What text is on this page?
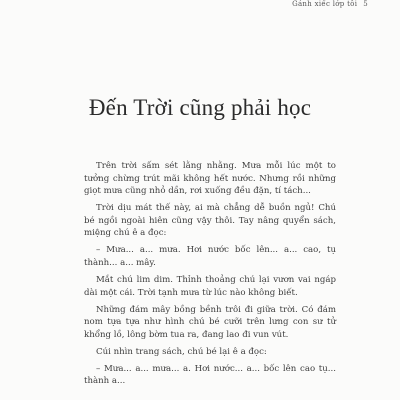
Gánh xiếc lớp tôi 5
Đến Trời cũng phải học

Trên trời sấm sét lằng nhằng. Mưa mỗi lúc một to tưởng chừng trút mãi không hết nước. Nhưng rồi những giọt mưa cũng nhỏ dần, rơi xuống đều đặn, tí tách...

Trời dịu mát thế này, ai mà chẳng dễ buồn ngủ! Chú bé ngồi ngoài hiên cũng vậy thôi. Tay nâng quyển sách, miệng chú ê a đọc:

– Mưa... a... mưa. Hơi nước bốc lên... a... cao, tụ thành... a... mây.

Mắt chú lim dim. Thỉnh thoảng chú lại vươn vai ngáp dài một cái. Trời tạnh mưa từ lúc nào không biết.

Những đám mây bồng bềnh trôi đi giữa trời. Có đám nom tựa tựa như hình chú bé cưỡi trên lưng con sư tử khổng lồ, lông bờm tua ra, đang lao đi vun vút.

Cúi nhìn trang sách, chú bé lại ê a đọc:

– Mưa... a... mưa... a. Hơi nước... a... bốc lên cao tụ... thành a...
